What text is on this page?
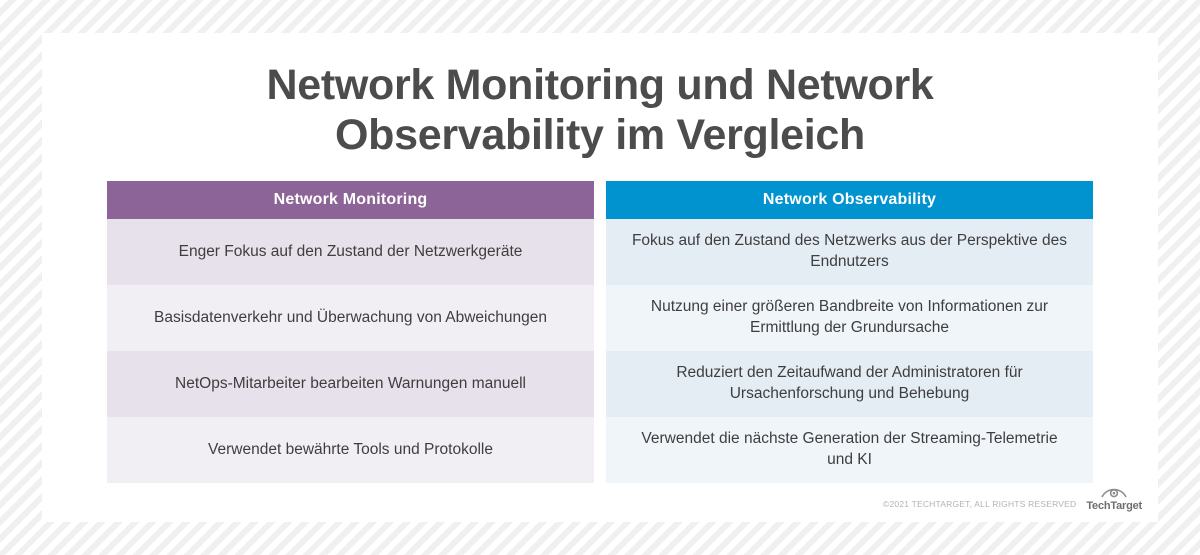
Network Monitoring und Network
Observability im Vergleich
Network Monitoring
Enger Fokus auf den Zustand der Netzwerkgeräte
Basisdatenverkehr und Überwachung von Abweichungen
NetOps-Mitarbeiter bearbeiten Warnungen manuell
Verwendet bewährte Tools und Protokolle
Network Observability
Fokus auf den Zustand des Netzwerks aus der Perspektive des Endnutzers
Nutzung einer größeren Bandbreite von Informationen zur Ermittlung der Grundursache
Reduziert den Zeitaufwand der Administratoren für Ursachenforschung und Behebung
Verwendet die nächste Generation der Streaming-Telemetrie und KI
©2021 TECHTARGET, ALL RIGHTS RESERVED TechTarget
